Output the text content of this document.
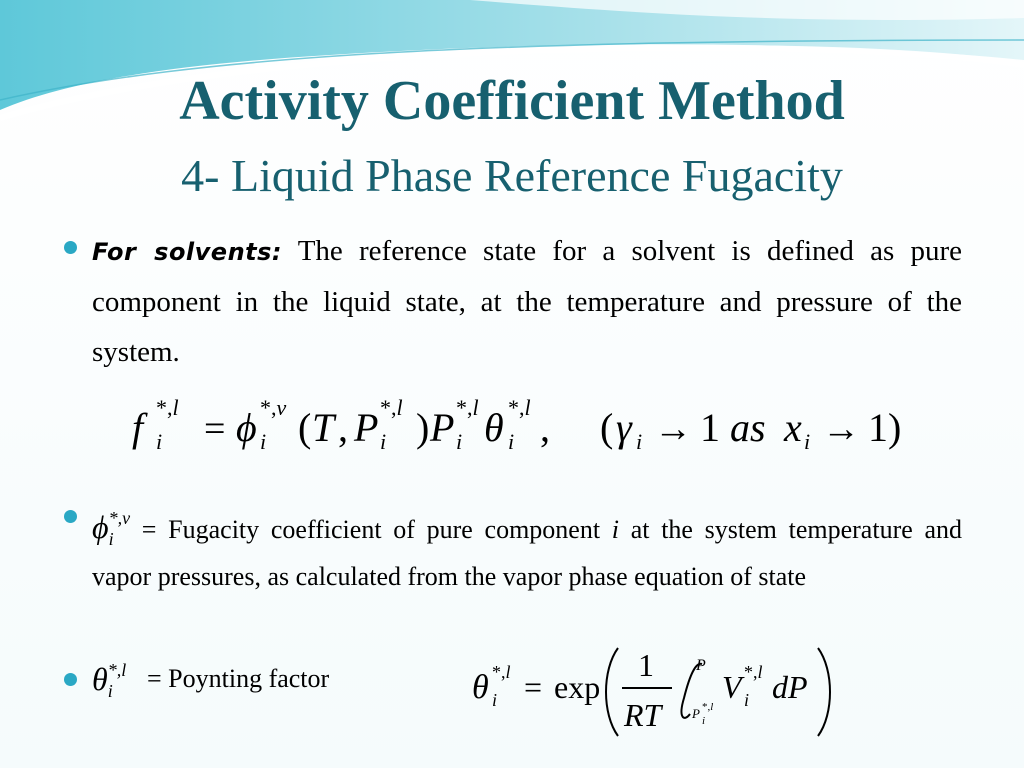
Activity Coefficient Method
4- Liquid Phase Reference Fugacity
For solvents: The reference state for a solvent is defined as pure component in the liquid state, at the temperature and pressure of the system.
f i
*,l
= ϕ i
*,v ( T , P i
*,l ) P i
*,l θ i
*,l , ( γ i → 1 as x i → 1)
$\phi_i^{*,v}$ = Fugacity coefficient of pure component i at the system temperature and vapor pressures, as calculated from the vapor phase equation of state
$\theta_i^{*,l}$ = Poynting factor	θ i
*,l = exp
1
RT
P
P i
*,l
V i
*,l dP
